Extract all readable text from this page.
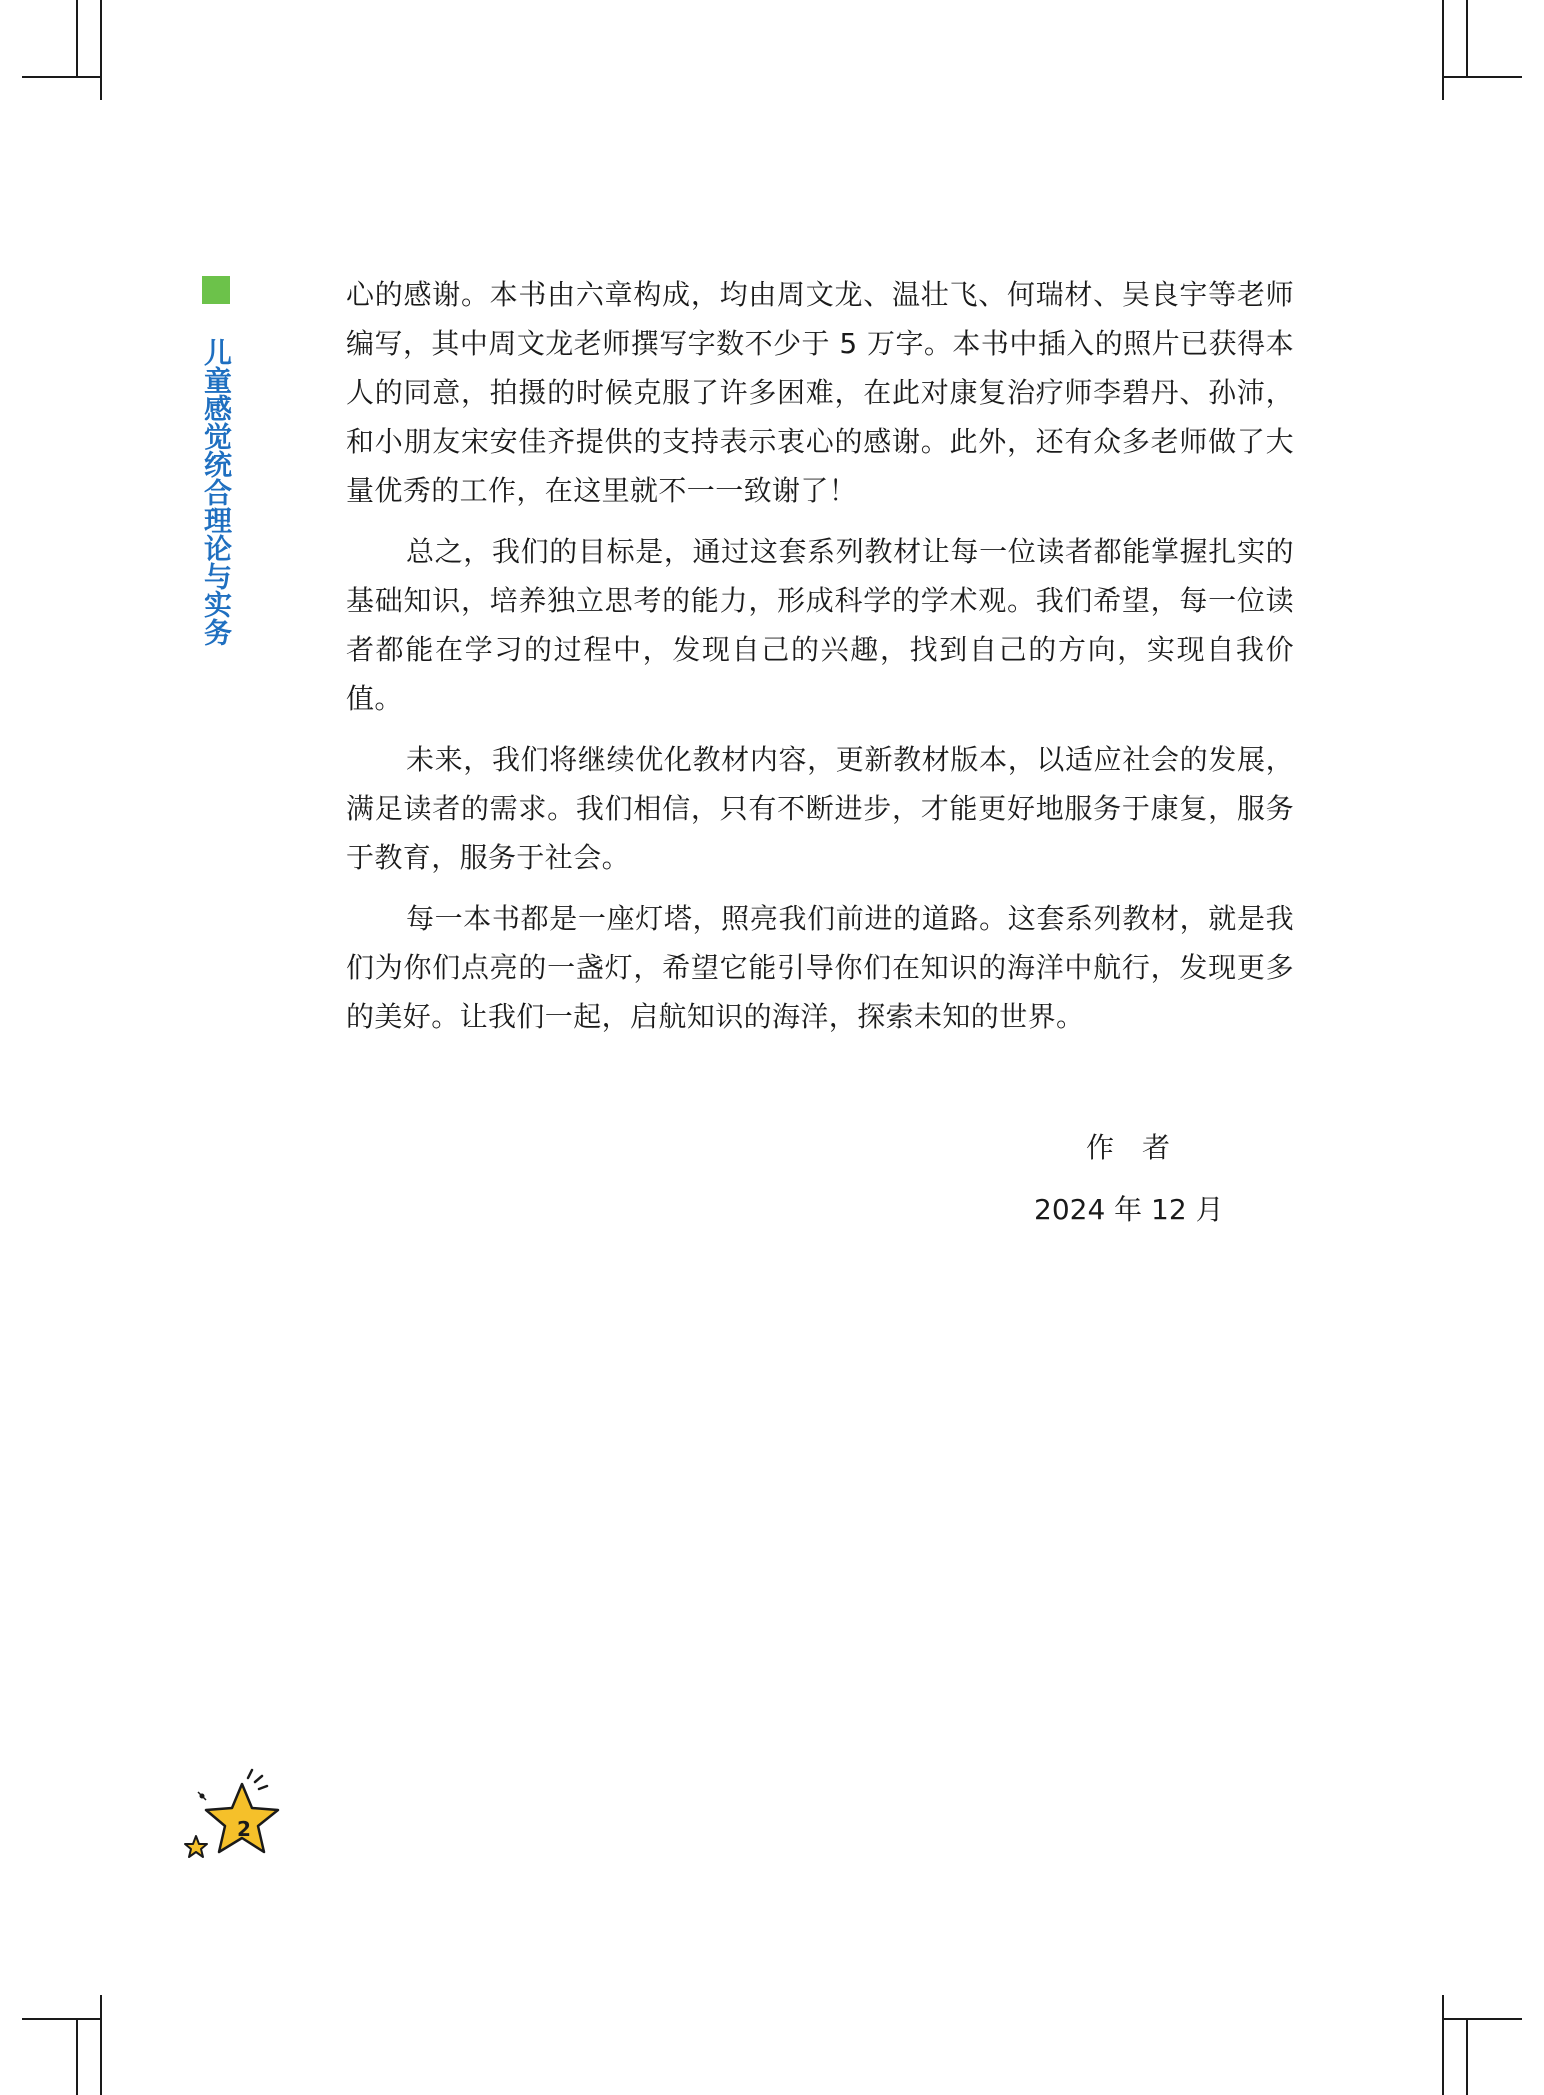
儿童感觉统合理论与实务

心的感谢。本书由六章构成，均由周文龙、温壮飞、何瑞材、吴良宇等老师编写，其中周文龙老师撰写字数不少于 5 万字。本书中插入的照片已获得本人的同意，拍摄的时候克服了许多困难，在此对康复治疗师李碧丹、孙沛，和小朋友宋安佳齐提供的支持表示衷心的感谢。此外，还有众多老师做了大量优秀的工作，在这里就不一一致谢了！

总之，我们的目标是，通过这套系列教材让每一位读者都能掌握扎实的基础知识，培养独立思考的能力，形成科学的学术观。我们希望，每一位读者都能在学习的过程中，发现自己的兴趣，找到自己的方向，实现自我价值。

未来，我们将继续优化教材内容，更新教材版本，以适应社会的发展，满足读者的需求。我们相信，只有不断进步，才能更好地服务于康复，服务于教育，服务于社会。

每一本书都是一座灯塔，照亮我们前进的道路。这套系列教材，就是我们为你们点亮的一盏灯，希望它能引导你们在知识的海洋中航行，发现更多的美好。让我们一起，启航知识的海洋，探索未知的世界。

作者
2024 年 12 月
2
